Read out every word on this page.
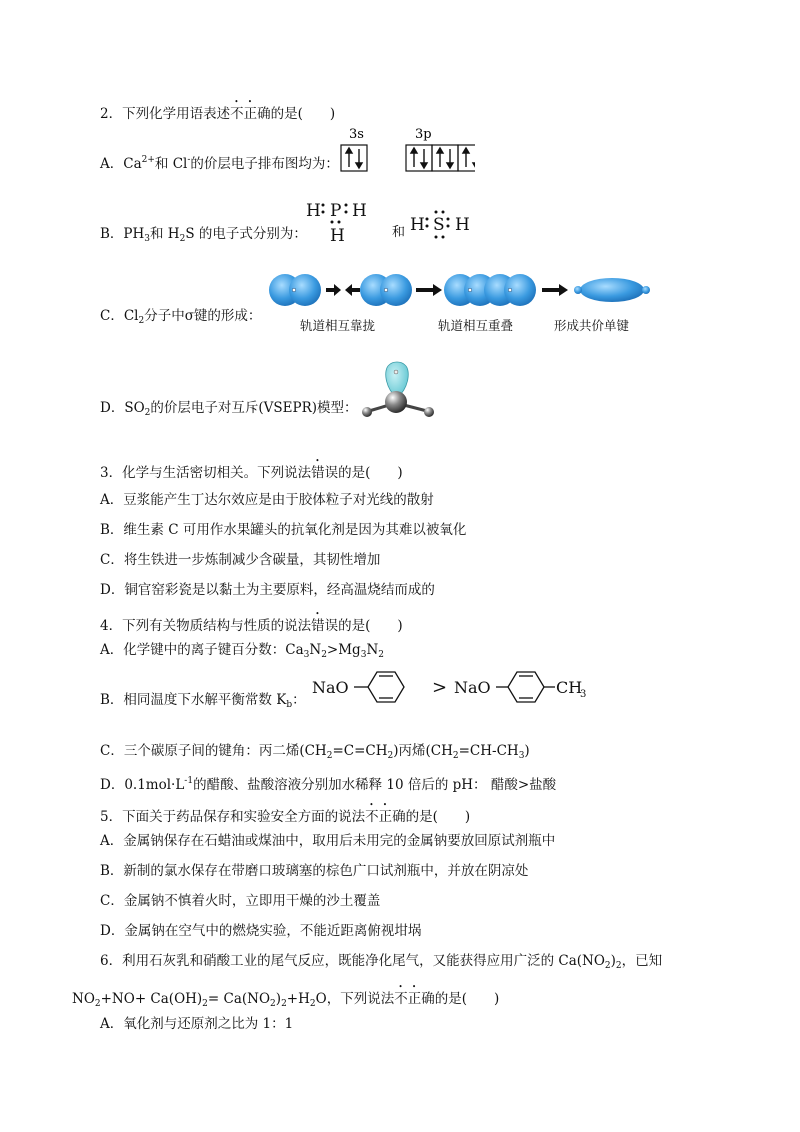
2．下列化学用语表述不正确的是(　　)
A．$Ca^{2+}$和 Cl-的价层电子排布图均为：
3s	3p
B．$PH_3$和 $H_2S$ 的电子式分别为：
H P H
H	和 H S H
C．$Cl_2$分子中σ键的形成：
轨道相互靠拢	轨道相互重叠	形成共价单键
D．$SO_2$的价层电子对互斥(VSEPR)模型：
3．化学与生活密切相关。下列说法错误的是(　　)
A．豆浆能产生丁达尔效应是由于胶体粒子对光线的散射
B．维生素 C 可用作水果罐头的抗氧化剂是因为其难以被氧化
C．将生铁进一步炼制减少含碳量，其韧性增加
D．铜官窑彩瓷是以黏土为主要原料，经高温烧结而成的
4．下列有关物质结构与性质的说法错误的是(　　)
A．化学键中的离子键百分数：$Ca_3N_2>Mg_3N_2$
B．相同温度下水解平衡常数 $K_b$：
NaO	> NaO	CH
3
C．三个碳原子间的键角：丙二烯$(CH_2=C=CH_2)$丙烯$(CH_2=CH-CH_3)$
D．$0.1mol\cdot L^{-1}$的醋酸、盐酸溶液分别加水稀释 10 倍后的 pH： 醋酸>盐酸
5．下面关于药品保存和实验安全方面的说法不正确的是(　　)
A．金属钠保存在石蜡油或煤油中，取用后未用完的金属钠要放回原试剂瓶中
B．新制的氯水保存在带磨口玻璃塞的棕色广口试剂瓶中，并放在阴凉处
C．金属钠不慎着火时，立即用干燥的沙土覆盖
D．金属钠在空气中的燃烧实验，不能近距离俯视坩埚
6．利用石灰乳和硝酸工业的尾气反应，既能净化尾气，又能获得应用广泛的 $Ca(NO_2)_2$，已知
$NO_2+NO+ Ca(OH)_2= Ca(NO_2)_2+H_2O$，下列说法不正确的是(　　)
A．氧化剂与还原剂之比为 1：1
